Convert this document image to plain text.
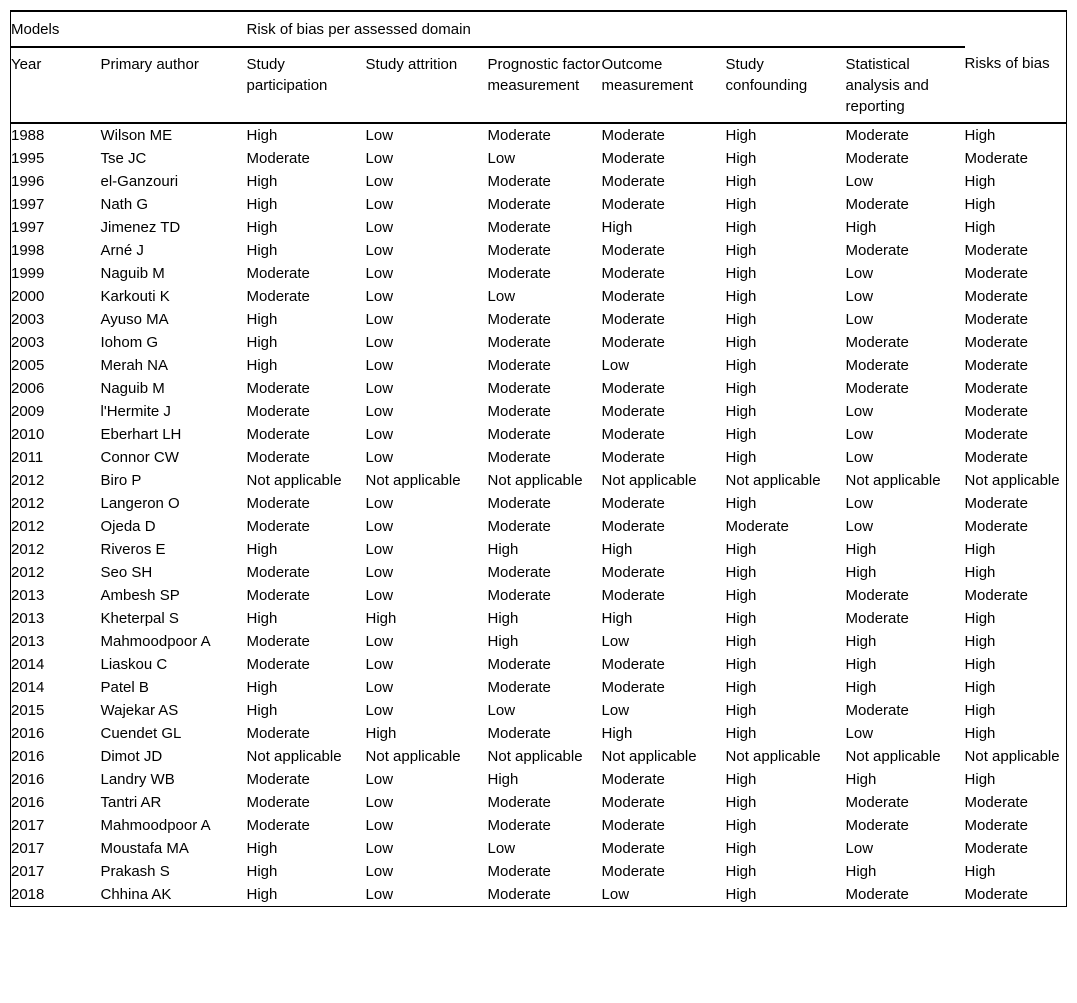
Models		Risk of bias per assessed domain						
Year	Primary author	Study participation	Study attrition	Prognostic factor measurement	Outcome measurement	Study confounding	Statistical analysis and reporting	Risks of bias
1988	Wilson ME	High	Low	Moderate	Moderate	High	Moderate	High
1995	Tse JC	Moderate	Low	Low	Moderate	High	Moderate	Moderate
1996	el-Ganzouri	High	Low	Moderate	Moderate	High	Low	High
1997	Nath G	High	Low	Moderate	Moderate	High	Moderate	High
1997	Jimenez TD	High	Low	Moderate	High	High	High	High
1998	Arné J	High	Low	Moderate	Moderate	High	Moderate	Moderate
1999	Naguib M	Moderate	Low	Moderate	Moderate	High	Low	Moderate
2000	Karkouti K	Moderate	Low	Low	Moderate	High	Low	Moderate
2003	Ayuso MA	High	Low	Moderate	Moderate	High	Low	Moderate
2003	Iohom G	High	Low	Moderate	Moderate	High	Moderate	Moderate
2005	Merah NA	High	Low	Moderate	Low	High	Moderate	Moderate
2006	Naguib M	Moderate	Low	Moderate	Moderate	High	Moderate	Moderate
2009	l'Hermite J	Moderate	Low	Moderate	Moderate	High	Low	Moderate
2010	Eberhart LH	Moderate	Low	Moderate	Moderate	High	Low	Moderate
2011	Connor CW	Moderate	Low	Moderate	Moderate	High	Low	Moderate
2012	Biro P	Not applicable	Not applicable	Not applicable	Not applicable	Not applicable	Not applicable	Not applicable
2012	Langeron O	Moderate	Low	Moderate	Moderate	High	Low	Moderate
2012	Ojeda D	Moderate	Low	Moderate	Moderate	Moderate	Low	Moderate
2012	Riveros E	High	Low	High	High	High	High	High
2012	Seo SH	Moderate	Low	Moderate	Moderate	High	High	High
2013	Ambesh SP	Moderate	Low	Moderate	Moderate	High	Moderate	Moderate
2013	Kheterpal S	High	High	High	High	High	Moderate	High
2013	Mahmoodpoor A	Moderate	Low	High	Low	High	High	High
2014	Liaskou C	Moderate	Low	Moderate	Moderate	High	High	High
2014	Patel B	High	Low	Moderate	Moderate	High	High	High
2015	Wajekar AS	High	Low	Low	Low	High	Moderate	High
2016	Cuendet GL	Moderate	High	Moderate	High	High	Low	High
2016	Dimot JD	Not applicable	Not applicable	Not applicable	Not applicable	Not applicable	Not applicable	Not applicable
2016	Landry WB	Moderate	Low	High	Moderate	High	High	High
2016	Tantri AR	Moderate	Low	Moderate	Moderate	High	Moderate	Moderate
2017	Mahmoodpoor A	Moderate	Low	Moderate	Moderate	High	Moderate	Moderate
2017	Moustafa MA	High	Low	Low	Moderate	High	Low	Moderate
2017	Prakash S	High	Low	Moderate	Moderate	High	High	High
2018	Chhina AK	High	Low	Moderate	Low	High	Moderate	Moderate
